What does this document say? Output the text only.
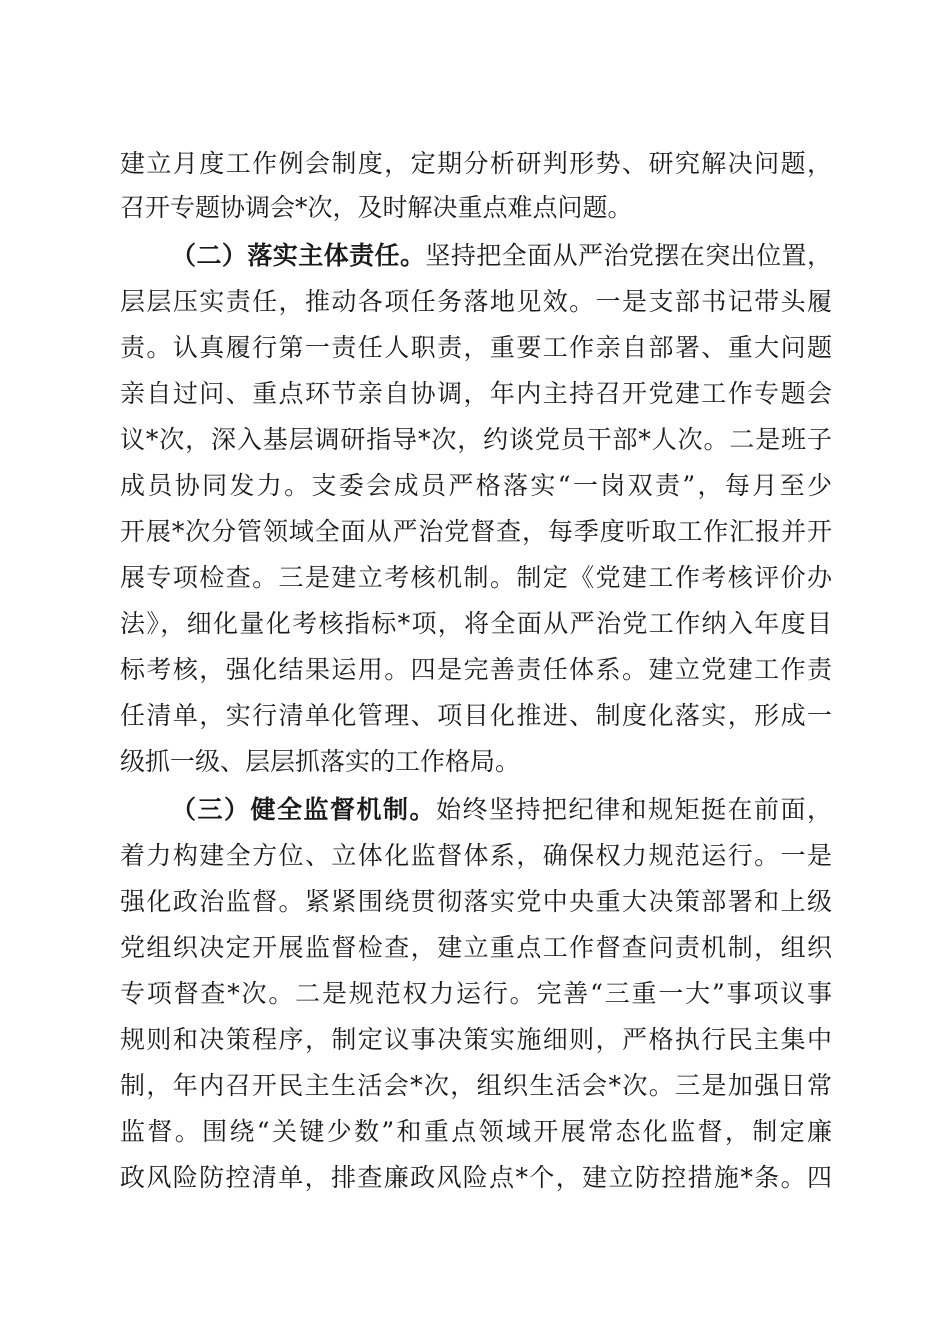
建立月度工作例会制度，定期分析研判形势、研究解决问题，
召开专题协调会*次，及时解决重点难点问题。
（二）落实主体责任。坚持把全面从严治党摆在突出位置，
层层压实责任，推动各项任务落地见效。一是支部书记带头履
责。认真履行第一责任人职责，重要工作亲自部署、重大问题
亲自过问、重点环节亲自协调，年内主持召开党建工作专题会
议*次，深入基层调研指导*次，约谈党员干部*人次。二是班子
成员协同发力。支委会成员严格落实“一岗双责”，每月至少
开展*次分管领域全面从严治党督查，每季度听取工作汇报并开
展专项检查。三是建立考核机制。制定《党建工作考核评价办
法》，细化量化考核指标*项，将全面从严治党工作纳入年度目
标考核，强化结果运用。四是完善责任体系。建立党建工作责
任清单，实行清单化管理、项目化推进、制度化落实，形成一
级抓一级、层层抓落实的工作格局。
（三）健全监督机制。始终坚持把纪律和规矩挺在前面，
着力构建全方位、立体化监督体系，确保权力规范运行。一是
强化政治监督。紧紧围绕贯彻落实党中央重大决策部署和上级
党组织决定开展监督检查，建立重点工作督查问责机制，组织
专项督查*次。二是规范权力运行。完善“三重一大”事项议事
规则和决策程序，制定议事决策实施细则，严格执行民主集中
制，年内召开民主生活会*次，组织生活会*次。三是加强日常
监督。围绕“关键少数”和重点领域开展常态化监督，制定廉
政风险防控清单，排查廉政风险点*个，建立防控措施*条。四
